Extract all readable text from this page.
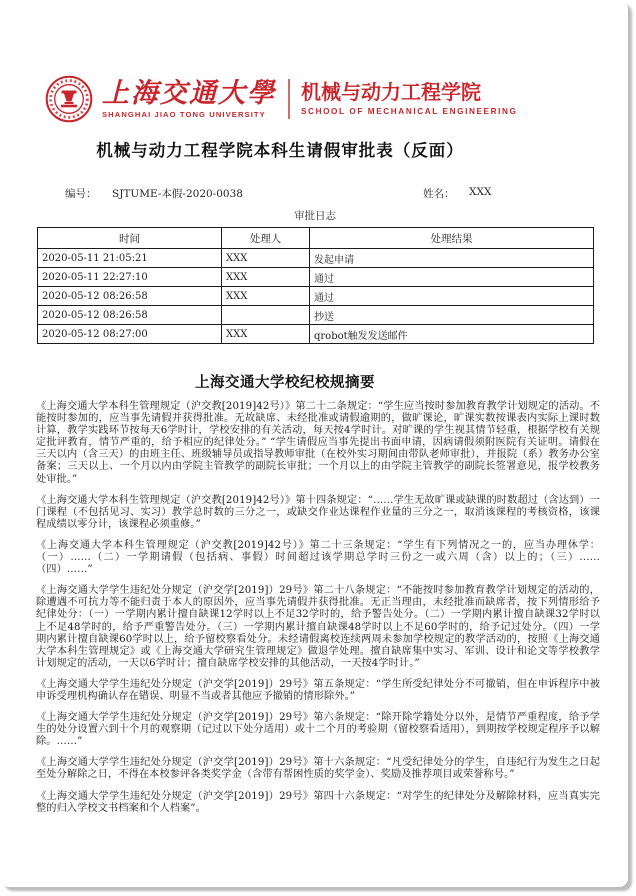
上海交通大學
SHANGHAI JIAO TONG UNIVERSITY
机械与动力工程学院
SCHOOL OF MECHANICAL ENGINEERING
机械与动力工程学院本科生请假审批表（反面）
编号： SJTUME-本假-2020-0038	姓名： XXX
审批日志
时间	处理人	处理结果
2020-05-11 21:05:21	XXX	发起申请
2020-05-11 22:27:10	XXX	通过
2020-05-12 08:26:58	XXX	通过
2020-05-12 08:26:58		抄送
2020-05-12 08:27:00	XXX	qrobot触发发送邮件
上海交通大学校纪校规摘要

《上海交通大学本科生管理规定（沪交教[2019]42号）》第二十二条规定：“学生应当按时参加教育教学计划规定的活动。不能按时参加的，应当事先请假并获得批准。无故缺席、未经批准或请假逾期的，做旷课论，旷课实数按课表内实际上课时数计算，教学实践环节按每天6学时计，学校安排的有关活动，每天按4学时计。对旷课的学生视其情节轻重，根据学校有关规定批评教育，情节严重的，给予相应的纪律处分。” “学生请假应当事先提出书面申请，因病请假须附医院有关证明。请假在三天以内（含三天）的由班主任、班级辅导员或指导教师审批（在校外实习期间由带队老师审批），并报院（系）教务办公室备案；三天以上、一个月以内由学院主管教学的副院长审批；一个月以上的由学院主管教学的副院长签署意见，报学校教务处审批。”

《上海交通大学本科生管理规定（沪交教[2019]42号）》第十四条规定：“……学生无故旷课或缺课的时数超过（含达到）一门课程（不包括见习、实习）教学总时数的三分之一，或缺交作业达课程作业量的三分之一，取消该课程的考核资格，该课程成绩以零分计，该课程必须重修。”

《上海交通大学本科生管理规定（沪交教[2019]42号）》第二十三条规定：“学生有下列情况之一的，应当办理休学：（一）……（二）一学期请假（包括病、事假）时间超过该学期总学时三份之一或六周（含）以上的；（三）……（四）……”

《上海交通大学学生违纪处分规定（沪交学[2019]）29号》第二十八条规定：“不能按时参加教育教学计划规定的活动的，除遭遇不可抗力等不能归责于本人的原因外，应当事先请假并获得批准。无正当理由，未经批准而缺席者，按下列情形给予纪律处分：（一）一学期内累计擅自缺课12学时以上不足32学时的，给予警告处分。（二）一学期内累计擅自缺课32学时以上不足48学时的，给予严重警告处分。（三）一学期内累计擅自缺课48学时以上不足60学时的，给予记过处分。（四）一学期内累计擅自缺课60学时以上，给予留校察看处分。未经请假离校连续两周未参加学校规定的教学活动的，按照《上海交通大学本科生管理规定》或《上海交通大学研究生管理规定》做退学处理。擅自缺席集中实习、军训、设计和论文等学校教学计划规定的活动，一天以6学时计；擅自缺席学校安排的其他活动，一天按4学时计。”

《上海交通大学学生违纪处分规定（沪交学[2019]）29号》第五条规定：“学生所受纪律处分不可撤销，但在申诉程序中被申诉受理机构确认存在错误、明显不当或者其他应予撤销的情形除外。”

《上海交通大学学生违纪处分规定（沪交学[2019]）29号》第六条规定：“除开除学籍处分以外，是情节严重程度，给予学生的处分设置六到十个月的观察期（记过以下处分适用）或十二个月的考验期（留校察看适用），到期按学校规定程序予以解除。……”

《上海交通大学学生违纪处分规定（沪交学[2019]）29号》第十六条规定：“凡受纪律处分的学生，自违纪行为发生之日起至处分解除之日，不得在本校参评各类奖学金（含带有帮困性质的奖学金）、奖励及推荐项目或荣誉称号。”

《上海交通大学学生违纪处分规定（沪交学[2019]）29号》第四十六条规定：“对学生的纪律处分及解除材料，应当真实完整的归入学校文书档案和个人档案”。
